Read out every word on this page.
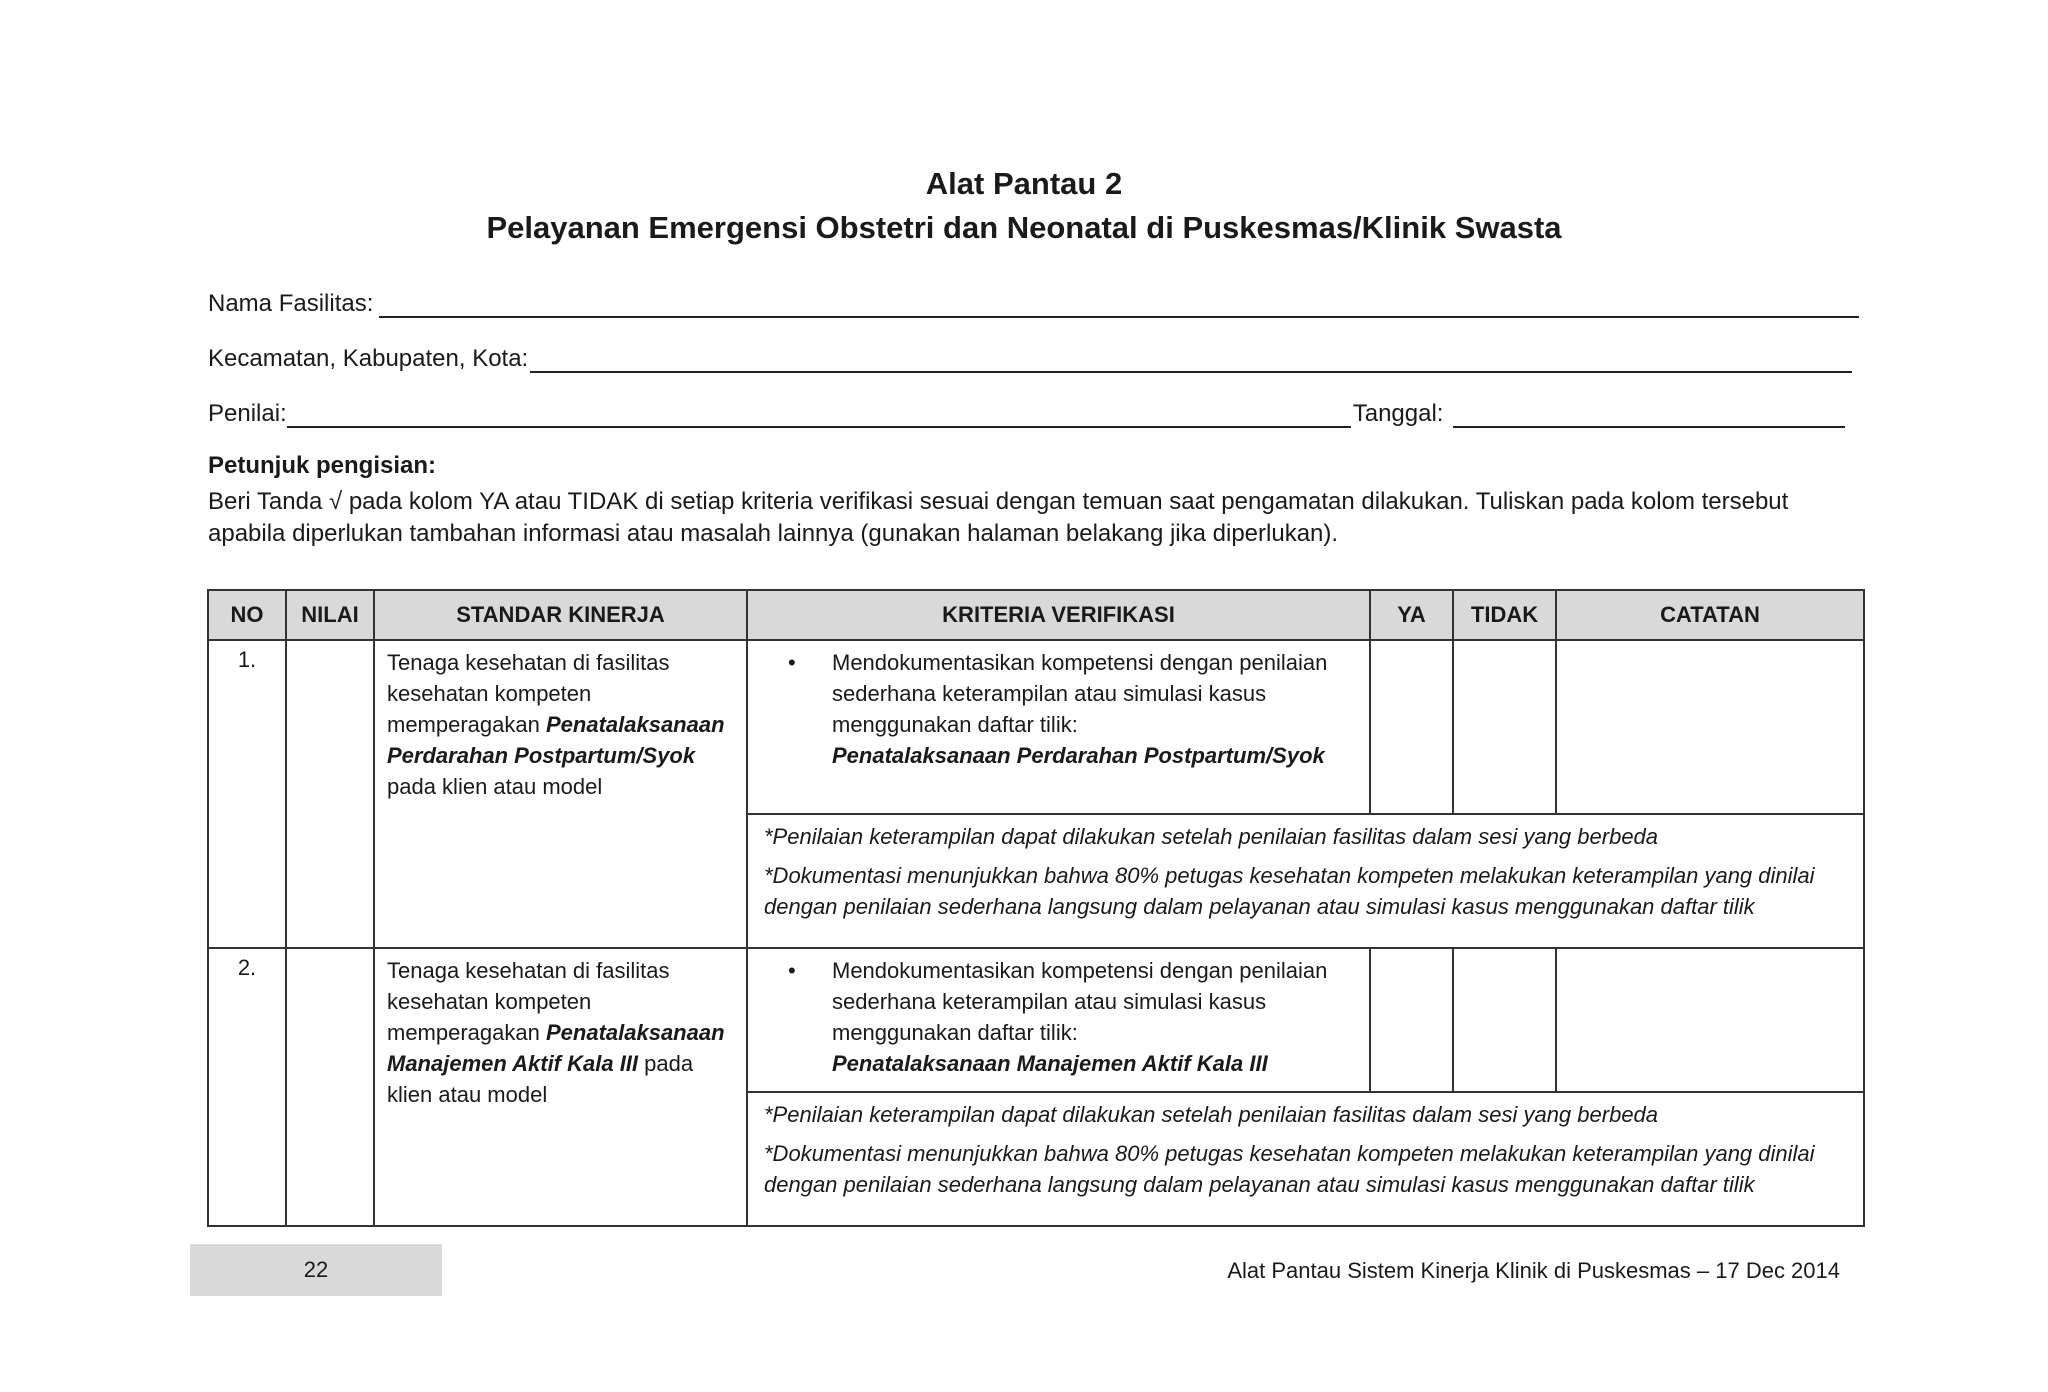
Alat Pantau 2
Pelayanan Emergensi Obstetri dan Neonatal di Puskesmas/Klinik Swasta
Nama Fasilitas:
Kecamatan, Kabupaten, Kota:
Penilai:	Tanggal:
Petunjuk pengisian:
Beri Tanda √ pada kolom YA atau TIDAK di setiap kriteria verifikasi sesuai dengan temuan saat pengamatan dilakukan. Tuliskan pada kolom tersebut apabila diperlukan tambahan informasi atau masalah lainnya (gunakan halaman belakang jika diperlukan).
NO	NILAI	STANDAR KINERJA	KRITERIA VERIFIKASI	YA	TIDAK	CATATAN
1.		Tenaga kesehatan di fasilitas kesehatan kompeten memperagakan Penatalaksanaan Perdarahan Postpartum/Syok pada klien atau model	• Mendokumentasikan kompetensi dengan penilaian sederhana keterampilan atau simulasi kasus menggunakan daftar tilik:
Penatalaksanaan Perdarahan Postpartum/Syok			

			*Penilaian keterampilan dapat dilakukan setelah penilaian fasilitas dalam sesi yang berbeda

*Dokumentasi menunjukkan bahwa 80% petugas kesehatan kompeten melakukan keterampilan yang dinilai dengan penilaian sederhana langsung dalam pelayanan atau simulasi kasus menggunakan daftar tilik			

2.		Tenaga kesehatan di fasilitas kesehatan kompeten memperagakan Penatalaksanaan Manajemen Aktif Kala III pada klien atau model	• Mendokumentasikan kompetensi dengan penilaian sederhana keterampilan atau simulasi kasus menggunakan daftar tilik:
Penatalaksanaan Manajemen Aktif Kala III			

			*Penilaian keterampilan dapat dilakukan setelah penilaian fasilitas dalam sesi yang berbeda

*Dokumentasi menunjukkan bahwa 80% petugas kesehatan kompeten melakukan keterampilan yang dinilai dengan penilaian sederhana langsung dalam pelayanan atau simulasi kasus menggunakan daftar tilik			

22	Alat Pantau Sistem Kinerja Klinik di Puskesmas – 17 Dec 2014
